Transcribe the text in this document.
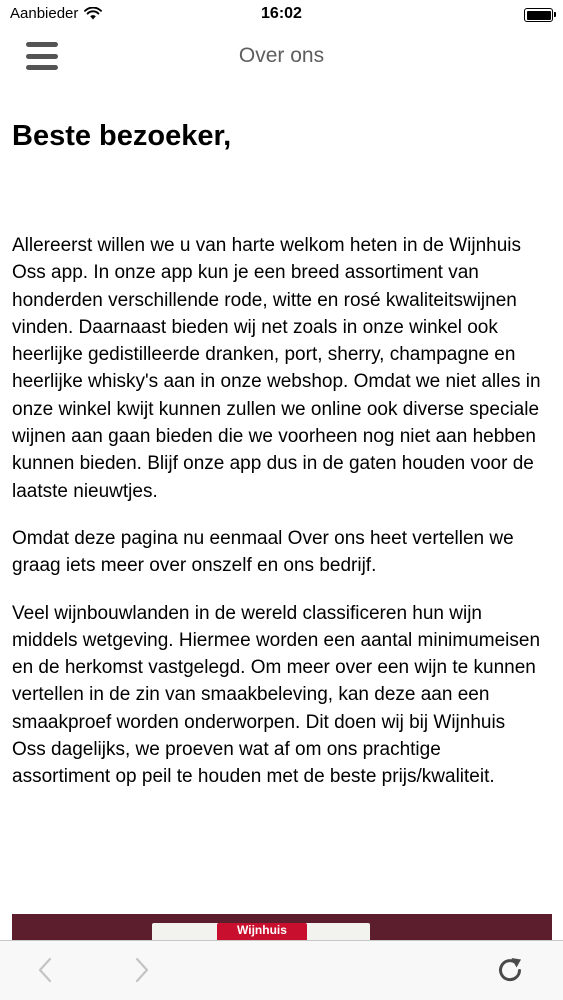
Aanbieder	16:02
Over ons
Beste bezoeker,

Allereerst willen we u van harte welkom heten in de Wijnhuis Oss app. In onze app kun je een breed assortiment van honderden verschillende rode, witte en rosé kwaliteitswijnen vinden. Daarnaast bieden wij net zoals in onze winkel ook heerlijke gedistilleerde dranken, port, sherry, champagne en heerlijke whisky's aan in onze webshop. Omdat we niet alles in onze winkel kwijt kunnen zullen we online ook diverse speciale wijnen aan gaan bieden die we voorheen nog niet aan hebben kunnen bieden. Blijf onze app dus in de gaten houden voor de laatste nieuwtjes.

Omdat deze pagina nu eenmaal Over ons heet vertellen we graag iets meer over onszelf en ons bedrijf.

Veel wijnbouwlanden in de wereld classificeren hun wijn middels wetgeving. Hiermee worden een aantal minimumeisen en de herkomst vastgelegd. Om meer over een wijn te kunnen vertellen in de zin van smaakbeleving, kan deze aan een smaakproef worden onderworpen. Dit doen wij bij Wijnhuis Oss dagelijks, we proeven wat af om ons prachtige assortiment op peil te houden met de beste prijs/kwaliteit.

Wijnhuis
